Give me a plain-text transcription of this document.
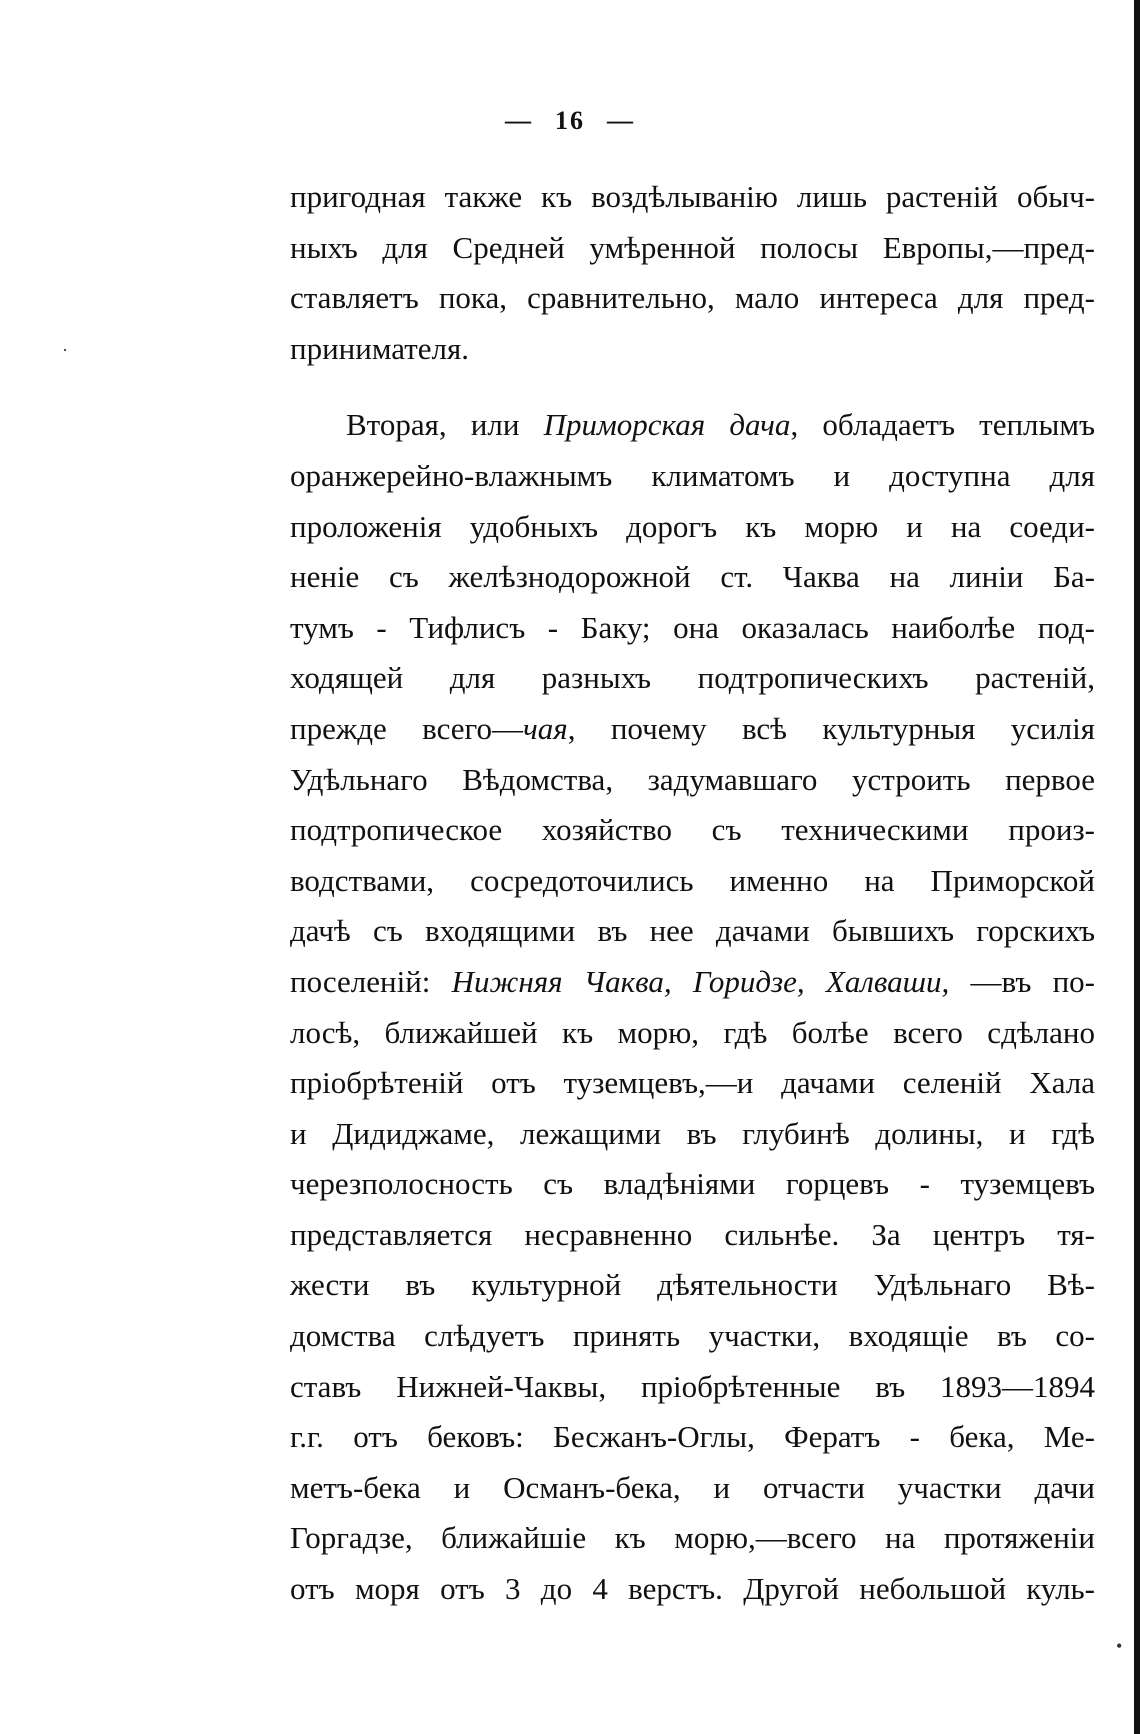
— 16 —
·
•
пригодная также къ воздѣлыванію лишь растеній обыч-
ныхъ для Средней умѣренной полосы Европы,—пред-
ставляетъ пока, сравнительно, мало интереса для пред-
принимателя.
Вторая, или Приморская дача, обладаетъ теплымъ
оранжерейно-влажнымъ климатомъ и доступна для
проложенія удобныхъ дорогъ къ морю и на соеди-
неніе съ желѣзнодорожной ст. Чаква на линіи Ба-
тумъ - Тифлисъ - Баку; она оказалась наиболѣе под-
ходящей для разныхъ подтропическихъ растеній,
прежде всего—чая, почему всѣ культурныя усилія
Удѣльнаго Вѣдомства, задумавшаго устроить первое
подтропическое хозяйство съ техническими произ-
водствами, сосредоточились именно на Приморской
дачѣ съ входящими въ нее дачами бывшихъ горскихъ
поселеній: Нижняя Чаква, Горидзе, Халваши, —въ по-
лосѣ, ближайшей къ морю, гдѣ болѣе всего сдѣлано
пріобрѣтеній отъ туземцевъ,—и дачами селеній Хала
и Дидиджаме, лежащими въ глубинѣ долины, и гдѣ
черезполосность съ владѣніями горцевъ - туземцевъ
представляется несравненно сильнѣе. За центръ тя-
жести въ культурной дѣятельности Удѣльнаго Вѣ-
домства слѣдуетъ принять участки, входящіе въ со-
ставъ Нижней-Чаквы, пріобрѣтенные въ 1893—1894
г.г. отъ бековъ: Бесжанъ-Оглы, Фератъ - бека, Ме-
метъ-бека и Османъ-бека, и отчасти участки дачи
Горгадзе, ближайшіе къ морю,—всего на протяженіи
отъ моря отъ 3 до 4 верстъ. Другой небольшой куль-
